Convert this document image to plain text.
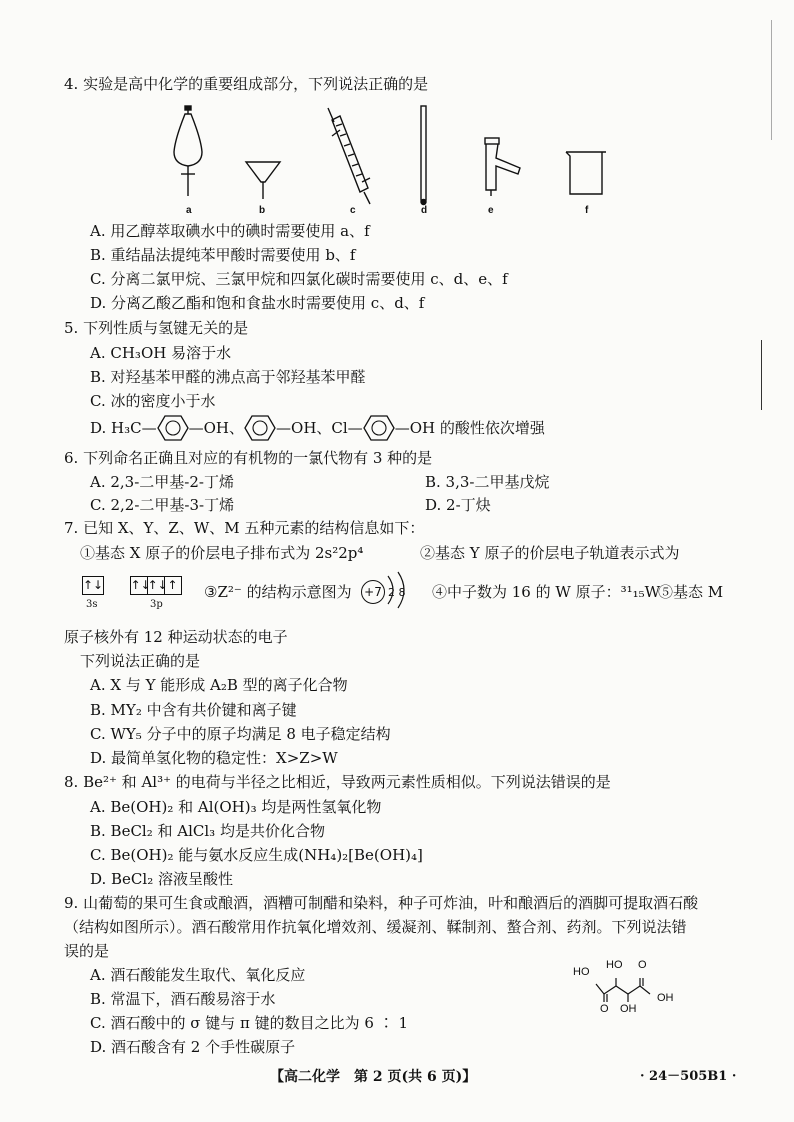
4. 实验是高中化学的重要组成部分，下列说法正确的是
a	b	c	d	e	f
A. 用乙醇萃取碘水中的碘时需要使用 a、f
B. 重结晶法提纯苯甲酸时需要使用 b、f
C. 分离二氯甲烷、三氯甲烷和四氯化碳时需要使用 c、d、e、f
D. 分离乙酸乙酯和饱和食盐水时需要使用 c、d、f
5. 下列性质与氢键无关的是
A. CH₃OH 易溶于水
B. 对羟基苯甲醛的沸点高于邻羟基苯甲醛
C. 冰的密度小于水
D. H₃C— —OH 、 —OH 、Cl— —OH 的酸性依次增强
6. 下列命名正确且对应的有机物的一氯代物有 3 种的是
A. 2,3-二甲基-2-丁烯	B. 3,3-二甲基戊烷
C. 2,2-二甲基-3-丁烯	D. 2-丁炔
7. 已知 X、Y、Z、W、M 五种元素的结构信息如下：
①基态 X 原子的价层电子排布式为 2s²2p⁴	②基态 Y 原子的价层电子轨道表示式为
↑↓ ↑↓↑↓↑
3s	3p
③Z²⁻ 的结构示意图为 +7 2 8 ④中子数为 16 的 W 原子：³¹₁₅W
⑤基态 M
原子核外有 12 种运动状态的电子
下列说法正确的是
A. X 与 Y 能形成 A₂B 型的离子化合物
B. MY₂ 中含有共价键和离子键
C. WY₅ 分子中的原子均满足 8 电子稳定结构
D. 最简单氢化物的稳定性：X>Z>W
8. Be²⁺ 和 Al³⁺ 的电荷与半径之比相近，导致两元素性质相似。下列说法错误的是
A. Be(OH)₂ 和 Al(OH)₃ 均是两性氢氧化物
B. BeCl₂ 和 AlCl₃ 均是共价化合物
C. Be(OH)₂ 能与氨水反应生成(NH₄)₂[Be(OH)₄]
D. BeCl₂ 溶液呈酸性
9. 山葡萄的果可生食或酿酒，酒糟可制醋和染料，种子可炸油，叶和酿酒后的酒脚可提取酒石酸
（结构如图所示）。酒石酸常用作抗氧化增效剂、缓凝剂、鞣制剂、螯合剂、药剂。下列说法错
误的是
A. 酒石酸能发生取代、氧化反应
B. 常温下，酒石酸易溶于水
C. 酒石酸中的 σ 键与 π 键的数目之比为 6 ∶ 1
D. 酒石酸含有 2 个手性碳原子
HO
HO O
OH
O OH
【高二化学　第 2 页(共 6 页)】	· 24－505B1 ·
